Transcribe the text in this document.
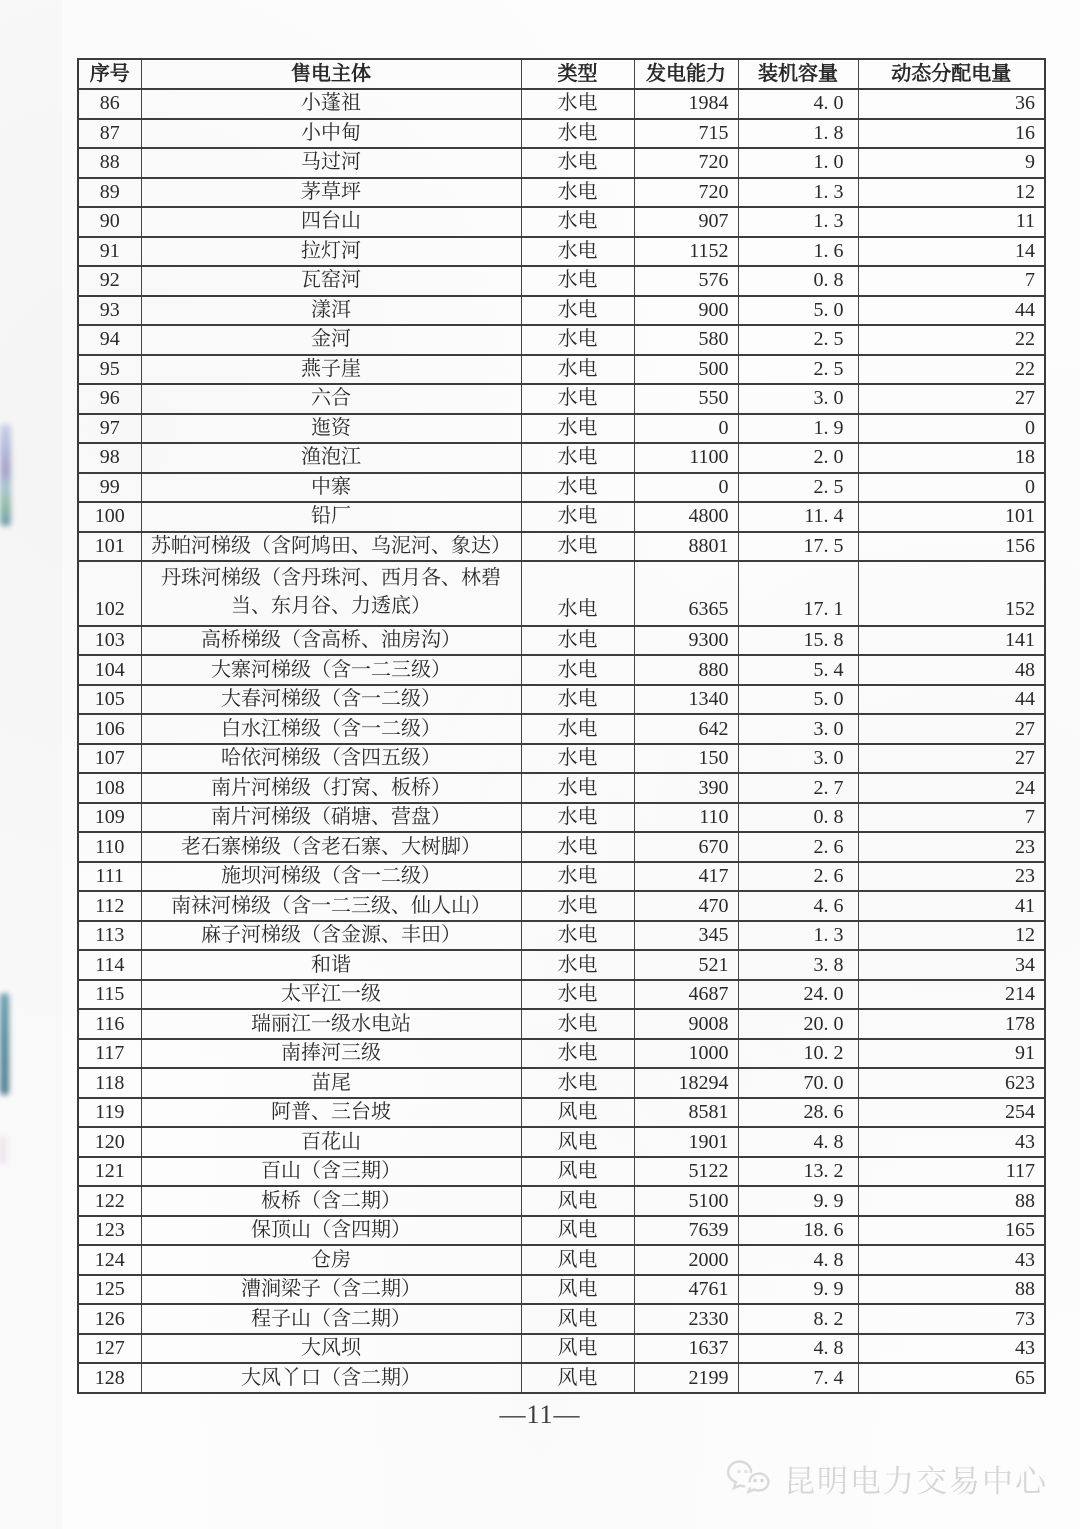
序号	售电主体	类型	发电能力	装机容量	动态分配电量
86	小蓬祖	水电	1984	4. 0	36
87	小中甸	水电	715	1. 8	16
88	马过河	水电	720	1. 0	9
89	茅草坪	水电	720	1. 3	12
90	四台山	水电	907	1. 3	11
91	拉灯河	水电	1152	1. 6	14
92	瓦窑河	水电	576	0. 8	7
93	漾洱	水电	900	5. 0	44
94	金河	水电	580	2. 5	22
95	燕子崖	水电	500	2. 5	22
96	六合	水电	550	3. 0	27
97	迤资	水电	0	1. 9	0
98	渔泡江	水电	1100	2. 0	18
99	中寨	水电	0	2. 5	0
100	铅厂	水电	4800	11. 4	101
101	苏帕河梯级（含阿鸠田、乌泥河、象达）	水电	8801	17. 5	156
102	丹珠河梯级（含丹珠河、西月各、林碧当、东月谷、力透底）	水电	6365	17. 1	152
103	高桥梯级（含高桥、油房沟）	水电	9300	15. 8	141
104	大寨河梯级（含一二三级）	水电	880	5. 4	48
105	大春河梯级（含一二级）	水电	1340	5. 0	44
106	白水江梯级（含一二级）	水电	642	3. 0	27
107	哈依河梯级（含四五级）	水电	150	3. 0	27
108	南片河梯级（打窝、板桥）	水电	390	2. 7	24
109	南片河梯级（硝塘、营盘）	水电	110	0. 8	7
110	老石寨梯级（含老石寨、大树脚）	水电	670	2. 6	23
111	施坝河梯级（含一二级）	水电	417	2. 6	23
112	南袜河梯级（含一二三级、仙人山）	水电	470	4. 6	41
113	麻子河梯级（含金源、丰田）	水电	345	1. 3	12
114	和谐	水电	521	3. 8	34
115	太平江一级	水电	4687	24. 0	214
116	瑞丽江一级水电站	水电	9008	20. 0	178
117	南捧河三级	水电	1000	10. 2	91
118	苗尾	水电	18294	70. 0	623
119	阿普、三台坡	风电	8581	28. 6	254
120	百花山	风电	1901	4. 8	43
121	百山（含三期）	风电	5122	13. 2	117
122	板桥（含二期）	风电	5100	9. 9	88
123	保顶山（含四期）	风电	7639	18. 6	165
124	仓房	风电	2000	4. 8	43
125	漕涧梁子（含二期）	风电	4761	9. 9	88
126	程子山（含二期）	风电	2330	8. 2	73
127	大风坝	风电	1637	4. 8	43
128	大风丫口（含二期）	风电	2199	7. 4	65
—11—
昆明电力交易中心
